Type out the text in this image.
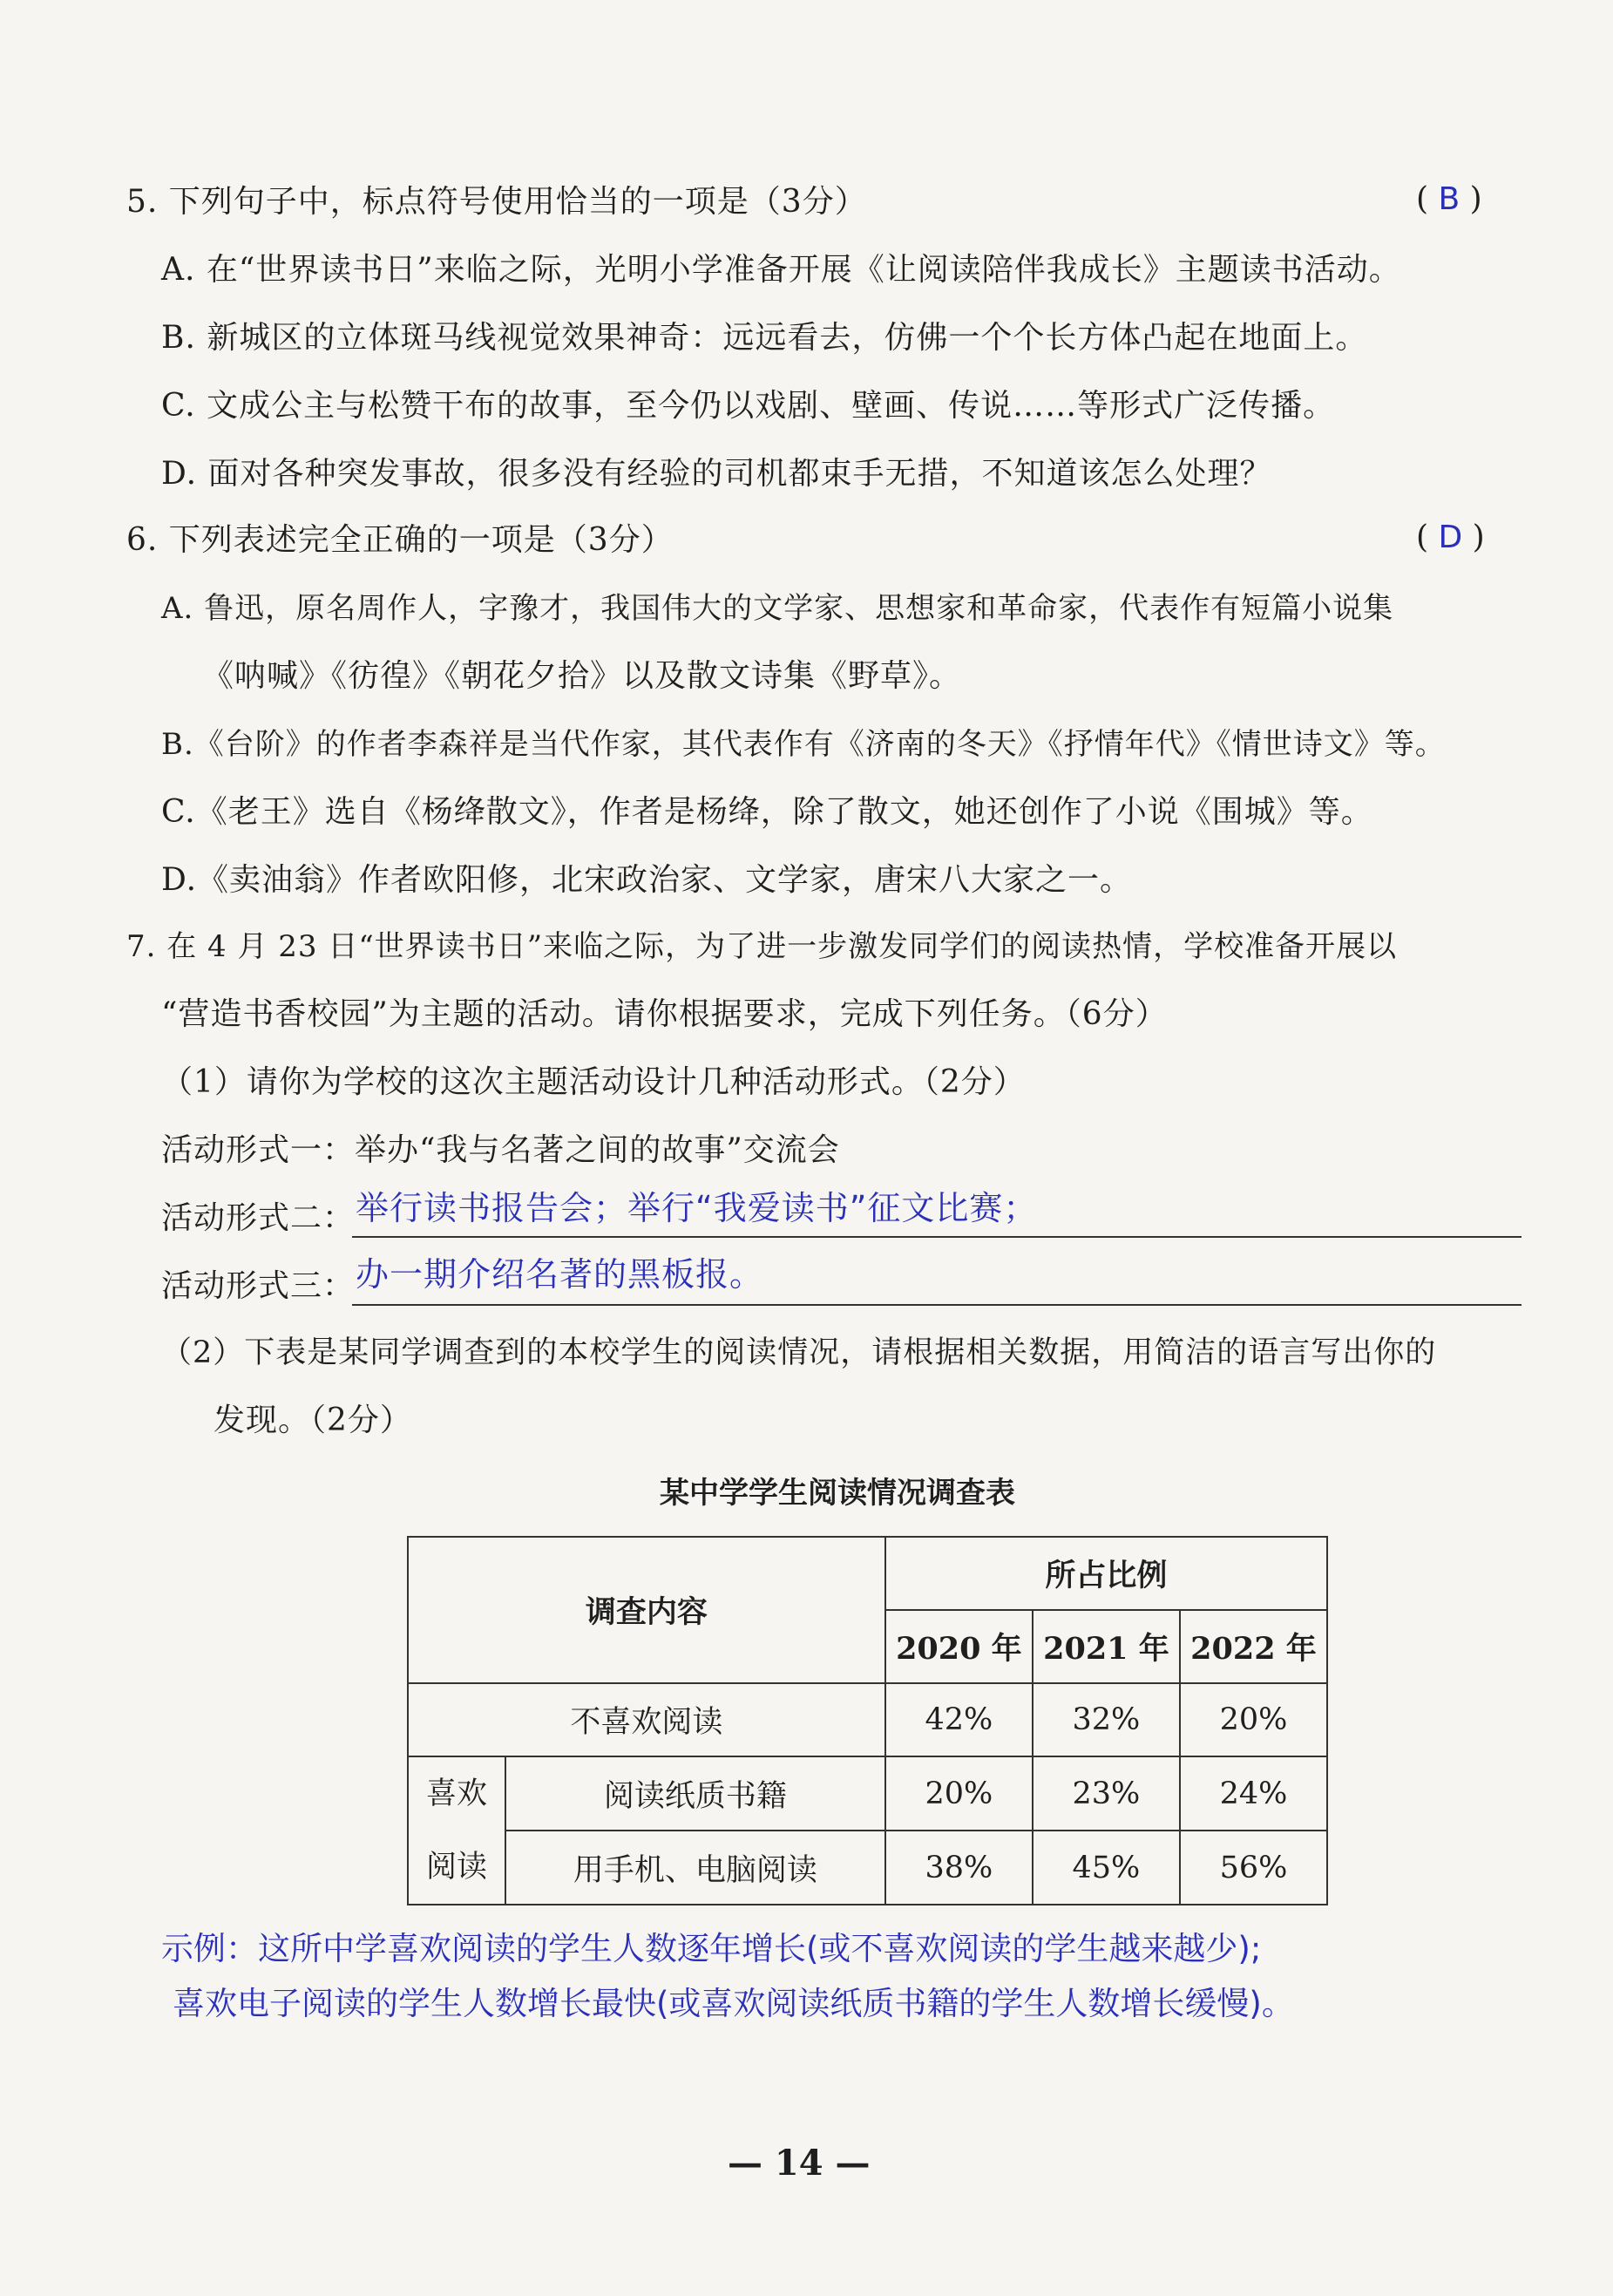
5. 下列句子中，标点符号使用恰当的一项是（3分）	( B )
A. 在“世界读书日”来临之际，光明小学准备开展《让阅读陪伴我成长》主题读书活动。
B. 新城区的立体斑马线视觉效果神奇：远远看去，仿佛一个个长方体凸起在地面上。
C. 文成公主与松赞干布的故事，至今仍以戏剧、壁画、传说……等形式广泛传播。
D. 面对各种突发事故，很多没有经验的司机都束手无措，不知道该怎么处理？
6. 下列表述完全正确的一项是（3分）	( D )
A. 鲁迅，原名周作人，字豫才，我国伟大的文学家、思想家和革命家，代表作有短篇小说集
《呐喊》《彷徨》《朝花夕拾》以及散文诗集《野草》。
B.《台阶》的作者李森祥是当代作家，其代表作有《济南的冬天》《抒情年代》《情世诗文》等。
C.《老王》选自《杨绛散文》，作者是杨绛，除了散文，她还创作了小说《围城》等。
D.《卖油翁》作者欧阳修，北宋政治家、文学家，唐宋八大家之一。
7. 在 4 月 23 日“世界读书日”来临之际，为了进一步激发同学们的阅读热情，学校准备开展以
“营造书香校园”为主题的活动。请你根据要求，完成下列任务。（6分）
（1）请你为学校的这次主题活动设计几种活动形式。（2分）
活动形式一：举办“我与名著之间的故事”交流会
活动形式二： 举行读书报告会；举行“我爱读书”征文比赛；
活动形式三： 办一期介绍名著的黑板报。
（2）下表是某同学调查到的本校学生的阅读情况，请根据相关数据，用简洁的语言写出你的
发现。（2分）
某中学学生阅读情况调查表
调查内容		所占比例		
		2020 年	2021 年	2022 年
不喜欢阅读		42%	32%	20%

喜欢
阅读	阅读纸质书籍	20%	23%	24%
	用手机、电脑阅读	38%	45%	56%
示例：这所中学喜欢阅读的学生人数逐年增长(或不喜欢阅读的学生越来越少);
喜欢电子阅读的学生人数增长最快(或喜欢阅读纸质书籍的学生人数增长缓慢)。
— 14 —
